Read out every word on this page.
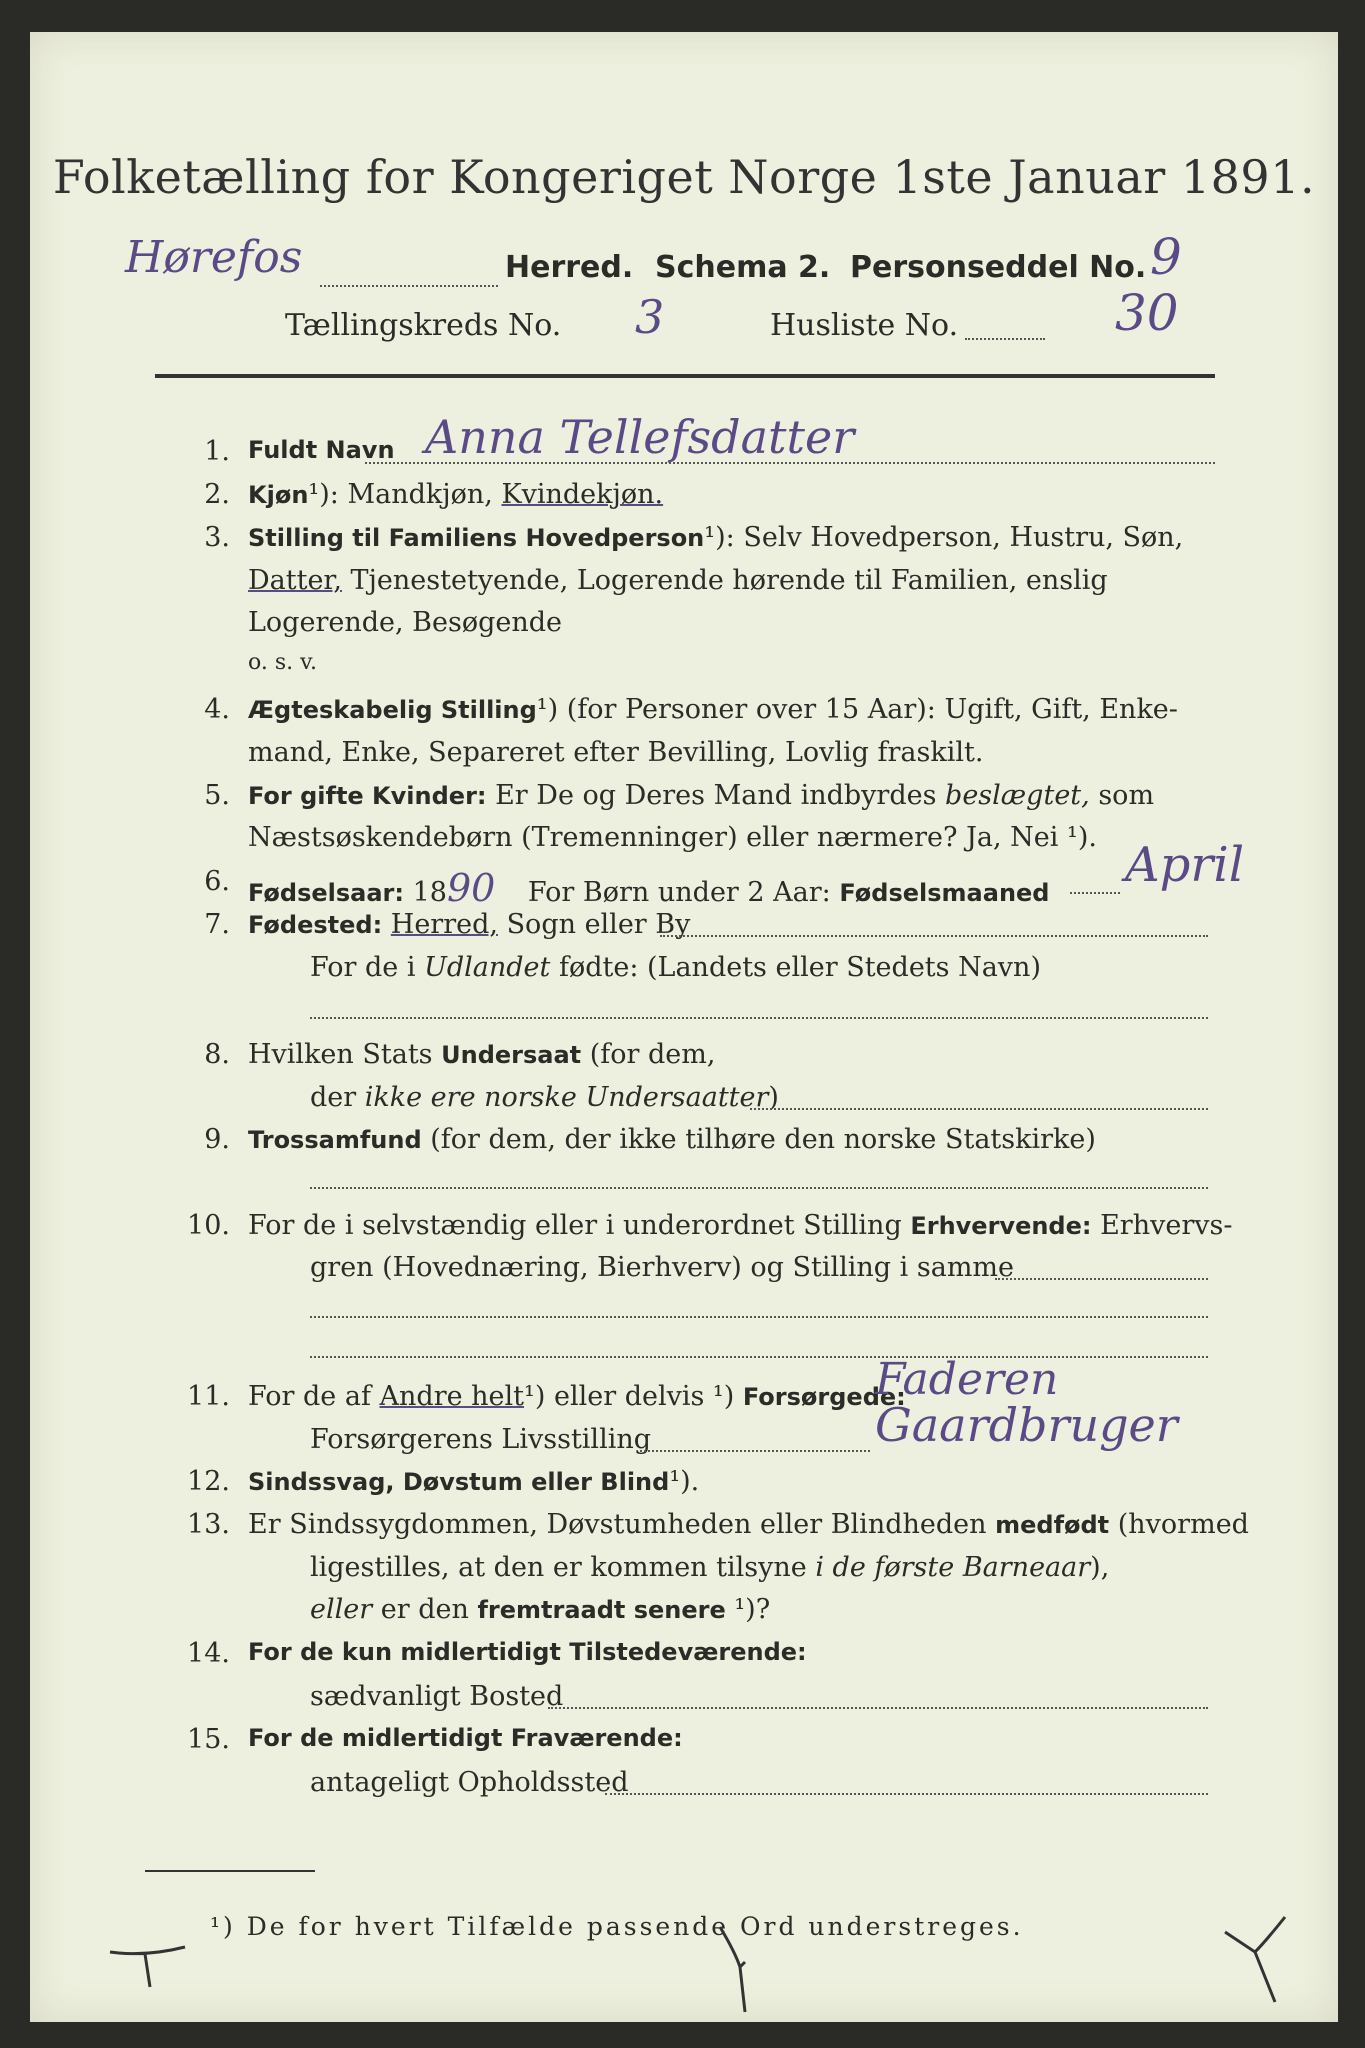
Folketælling for Kongeriget Norge 1ste Januar 1891.
Hørefos	Herred. Schema 2. Personseddel No. 9
Tællingskreds No. 3	Husliste No.	30
1. Fuldt Navn Anna Tellefsdatter
2. Kjøn¹): Mandkjøn, Kvindekjøn.
3. Stilling til Familiens Hovedperson¹): Selv Hovedperson, Hustru, Søn,
Datter, Tjenestetyende, Logerende hørende til Familien, enslig
Logerende, Besøgende
o. s. v.
4. Ægteskabelig Stilling¹) (for Personer over 15 Aar): Ugift, Gift, Enke-
mand, Enke, Separeret efter Bevilling, Lovlig fraskilt.
5. For gifte Kvinder: Er De og Deres Mand indbyrdes beslægtet, som
Næstsøskendebørn (Tremenninger) eller nærmere? Ja, Nei ¹).
6. Fødselsaar: 1890 For Børn under 2 Aar: Fødselsmaaned April
7. Fødested: Herred, Sogn eller By
For de i Udlandet fødte: (Landets eller Stedets Navn)
8. Hvilken Stats Undersaat (for dem,
der ikke ere norske Undersaatter)
9. Trossamfund (for dem, der ikke tilhøre den norske Statskirke)
10. For de i selvstændig eller i underordnet Stilling Erhvervende: Erhvervs-
gren (Hovednæring, Bierhverv) og Stilling i samme
11. For de af Andre helt¹) eller delvis ¹) Forsørgede:
Faderen
Forsørgerens Livsstilling	Gaardbruger
12. Sindssvag, Døvstum eller Blind¹).
13. Er Sindssygdommen, Døvstumheden eller Blindheden medfødt (hvormed
ligestilles, at den er kommen tilsyne i de første Barneaar),
eller er den fremtraadt senere ¹)?
14. For de kun midlertidigt Tilstedeværende:
sædvanligt Bosted
15. For de midlertidigt Fraværende:
antageligt Opholdssted
¹) De for hvert Tilfælde passende Ord understreges.
